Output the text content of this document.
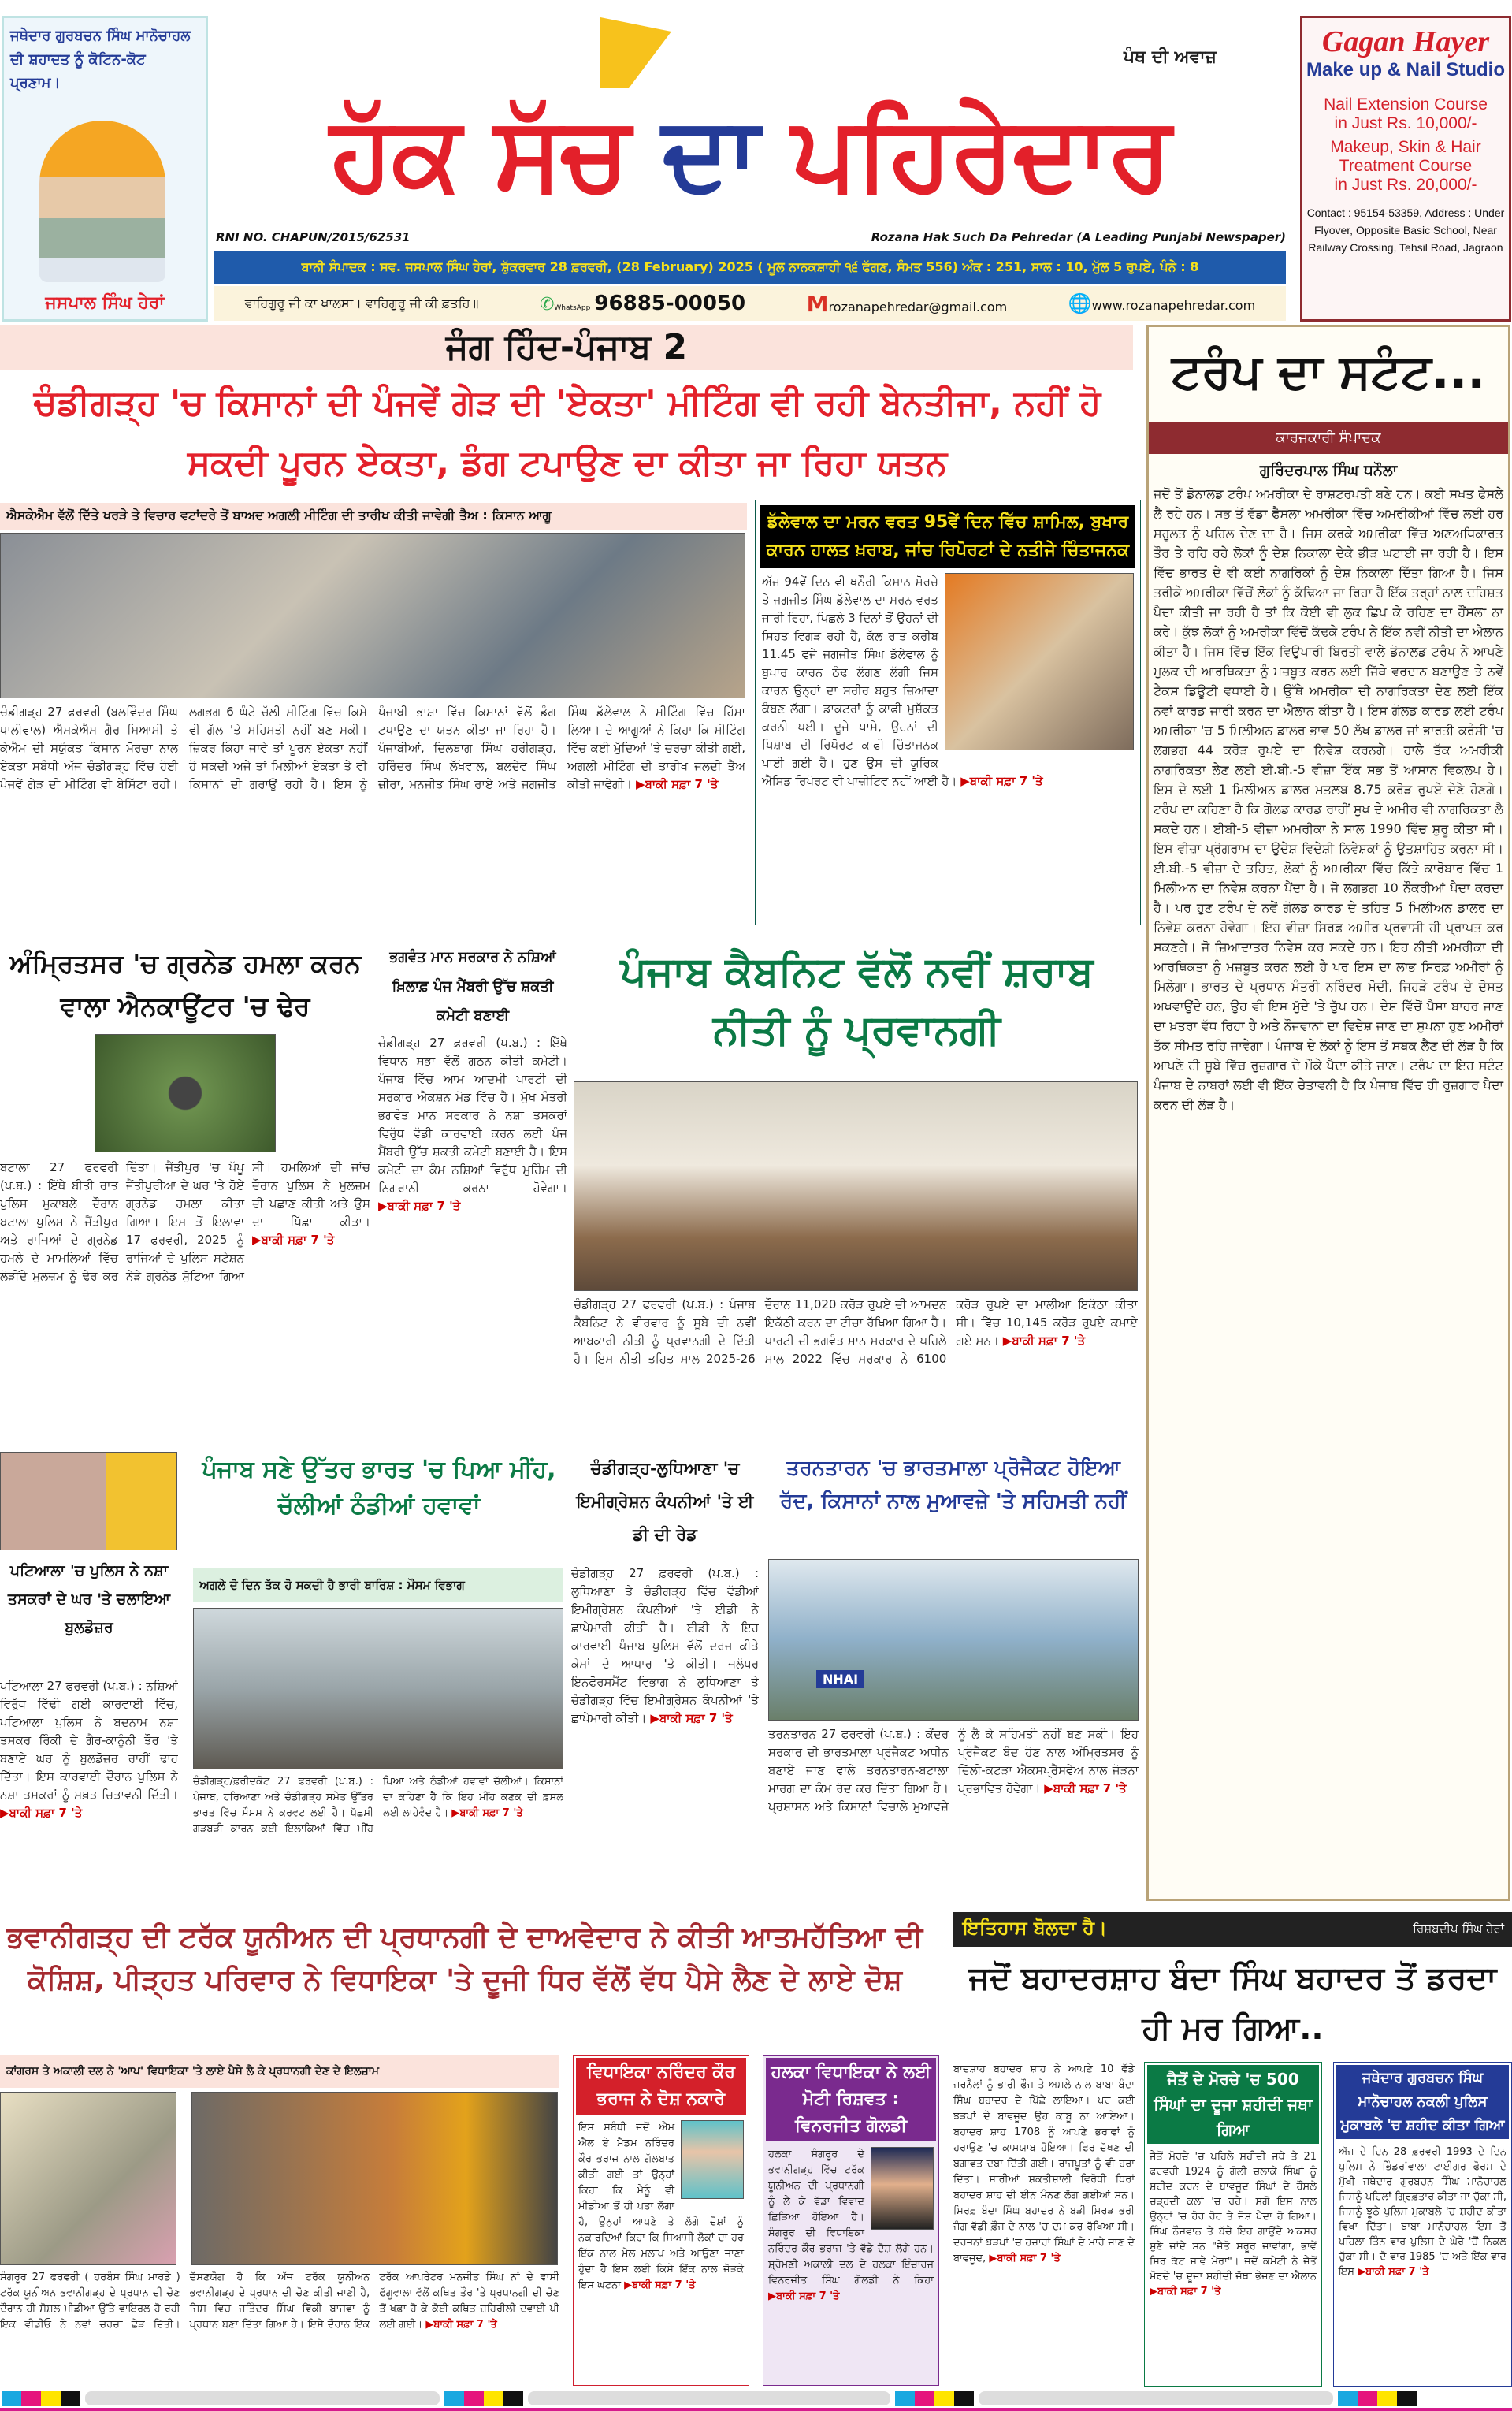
ਜਥੇਦਾਰ ਗੁਰਬਚਨ ਸਿੰਘ ਮਾਨੋਚਾਹਲ ਦੀ ਸ਼ਹਾਦਤ ਨੂੰ ਕੋਟਿਨ-ਕੋਟ ਪ੍ਰਣਾਮ।
ਜਸਪਾਲ ਸਿੰਘ ਹੇਰਾਂ
ਪੰਥ ਦੀ ਅਵਾਜ਼
ਹੱਕ ਸੱਚ ਦਾ ਪਹਿਰੇਦਾਰ
RNI NO. CHAPUN/2015/62531	Rozana Hak Such Da Pehredar (A Leading Punjabi Newspaper)
ਬਾਨੀ ਸੰਪਾਦਕ : ਸਵ. ਜਸਪਾਲ ਸਿੰਘ ਹੇਰਾਂ, ਸ਼ੁੱਕਰਵਾਰ 28 ਫ਼ਰਵਰੀ, (28 February) 2025 ( ਮੂਲ ਨਾਨਕਸ਼ਾਹੀ ੧੬ ਫੱਗਣ, ਸੰਮਤ 556) ਅੰਕ : 251, ਸਾਲ : 10, ਮੁੱਲ 5 ਰੁਪਏ, ਪੰਨੇ : 8
ਵਾਹਿਗੁਰੂ ਜੀ ਕਾ ਖਾਲਸਾ। ਵਾਹਿਗੁਰੂ ਜੀ ਕੀ ਫ਼ਤਹਿ॥	✆WhatsApp 96885-00050	Mrozanapehredar@gmail.com	🌐www.rozanapehredar.com
Gagan Hayer
Make up & Nail Studio
Nail Extension Course
in Just Rs. 10,000/-
Makeup, Skin & Hair Treatment Course
in Just Rs. 20,000/-
Contact : 95154-53359, Address : Under Flyover, Opposite Basic School, Near Railway Crossing, Tehsil Road, Jagraon
ਜੰਗ ਹਿੰਦ-ਪੰਜਾਬ 2
ਚੰਡੀਗੜ੍ਹ 'ਚ ਕਿਸਾਨਾਂ ਦੀ ਪੰਜਵੇਂ ਗੇੜ ਦੀ 'ਏਕਤਾ' ਮੀਟਿੰਗ ਵੀ ਰਹੀ ਬੇਨਤੀਜਾ, ਨਹੀਂ ਹੋ ਸਕਦੀ ਪੂਰਨ ਏਕਤਾ, ਡੰਗ ਟਪਾਉਣ ਦਾ ਕੀਤਾ ਜਾ ਰਿਹਾ ਯਤਨ
ਐਸਕੇਐਮ ਵੱਲੋਂ ਦਿੱਤੇ ਖਰੜੇ ਤੇ ਵਿਚਾਰ ਵਟਾਂਦਰੇ ਤੋਂ ਬਾਅਦ ਅਗਲੀ ਮੀਟਿੰਗ ਦੀ ਤਾਰੀਖ ਕੀਤੀ ਜਾਵੇਗੀ ਤੈਅ : ਕਿਸਾਨ ਆਗੂ
ਚੰਡੀਗੜ੍ਹ 27 ਫਰਵਰੀ (ਬਲਵਿੰਦਰ ਸਿੰਘ ਧਾਲੀਵਾਲ) ਐਸਕੇਐਮ ਗੈਰ ਸਿਆਸੀ ਤੇ ਕੇਐਮ ਦੀ ਸਯੁੰਕਤ ਕਿਸਾਨ ਮੋਰਚਾ ਨਾਲ ਏਕਤਾ ਸਬੰਧੀ ਅੱਜ ਚੰਡੀਗੜ੍ਹ ਵਿੱਚ ਹੋਈ ਪੰਜਵੇਂ ਗੇੜ ਦੀ ਮੀਟਿੰਗ ਵੀ ਬੇਸਿੱਟਾ ਰਹੀ। ਲਗਭਗ 6 ਘੰਟੇ ਚੱਲੀ ਮੀਟਿੰਗ ਵਿੱਚ ਕਿਸੇ ਵੀ ਗੱਲ 'ਤੇ ਸਹਿਮਤੀ ਨਹੀਂ ਬਣ ਸਕੀ। ਜ਼ਿਕਰ ਕਿਹਾ ਜਾਵੇ ਤਾਂ ਪੂਰਨ ਏਕਤਾ ਨਹੀਂ ਹੋ ਸਕਦੀ ਅਜੇ ਤਾਂ ਮਿਲੀਆਂ ਏਕਤਾ ਤੇ ਵੀ ਕਿਸਾਨਾਂ ਦੀ ਗਰਾਉਂ ਰਹੀ ਹੈ। ਇਸ ਨੂੰ ਪੰਜਾਬੀ ਭਾਸ਼ਾ ਵਿੱਚ ਕਿਸਾਨਾਂ ਵੱਲੋਂ ਡੰਗ ਟਪਾਉਣ ਦਾ ਯਤਨ ਕੀਤਾ ਜਾ ਰਿਹਾ ਹੈ। ਪੰਜਾਬੀਆਂ, ਦਿਲਬਾਗ ਸਿੰਘ ਹਰੀਗੜ੍ਹ, ਹਰਿੰਦਰ ਸਿੰਘ ਲੱਖੋਵਾਲ, ਬਲਦੇਵ ਸਿੰਘ ਜ਼ੀਰਾ, ਮਨਜੀਤ ਸਿੰਘ ਰਾਏ ਅਤੇ ਜਗਜੀਤ ਸਿੰਘ ਡੱਲੇਵਾਲ ਨੇ ਮੀਟਿੰਗ ਵਿੱਚ ਹਿੱਸਾ ਲਿਆ। ਦੇ ਆਗੂਆਂ ਨੇ ਕਿਹਾ ਕਿ ਮੀਟਿੰਗ ਵਿੱਚ ਕਈ ਮੁੱਦਿਆਂ 'ਤੇ ਚਰਚਾ ਕੀਤੀ ਗਈ, ਅਗਲੀ ਮੀਟਿੰਗ ਦੀ ਤਾਰੀਖ ਜਲਦੀ ਤੈਅ ਕੀਤੀ ਜਾਵੇਗੀ। ▶ ਬਾਕੀ ਸਫ਼ਾ 7 'ਤੇ
ਡੱਲੇਵਾਲ ਦਾ ਮਰਨ ਵਰਤ 95ਵੇਂ ਦਿਨ ਵਿੱਚ ਸ਼ਾਮਿਲ, ਬੁਖਾਰ ਕਾਰਨ ਹਾਲਤ ਖ਼ਰਾਬ, ਜਾਂਚ ਰਿਪੋਰਟਾਂ ਦੇ ਨਤੀਜੇ ਚਿੰਤਾਜਨਕ
ਅੱਜ 94ਵੇਂ ਦਿਨ ਵੀ ਖਨੌਰੀ ਕਿਸਾਨ ਮੋਰਚੇ ਤੇ ਜਗਜੀਤ ਸਿੰਘ ਡੱਲੇਵਾਲ ਦਾ ਮਰਨ ਵਰਤ ਜਾਰੀ ਰਿਹਾ, ਪਿਛਲੇ 3 ਦਿਨਾਂ ਤੋਂ ਉਹਨਾਂ ਦੀ ਸਿਹਤ ਵਿਗੜ ਰਹੀ ਹੈ, ਕੱਲ ਰਾਤ ਕਰੀਬ 11.45 ਵਜੇ ਜਗਜੀਤ ਸਿੰਘ ਡੱਲੇਵਾਲ ਨੂੰ ਬੁਖਾਰ ਕਾਰਨ ਠੰਢ ਲੱਗਣ ਲੱਗੀ ਜਿਸ ਕਾਰਨ ਉਨ੍ਹਾਂ ਦਾ ਸਰੀਰ ਬਹੁਤ ਜ਼ਿਆਦਾ ਕੰਬਣ ਲੱਗਾ। ਡਾਕਟਰਾਂ ਨੂੰ ਕਾਫੀ ਮੁਸ਼ੱਕਤ ਕਰਨੀ ਪਈ। ਦੂਜੇ ਪਾਸੇ, ਉਹਨਾਂ ਦੀ ਪਿਸ਼ਾਬ ਦੀ ਰਿਪੋਰਟ ਕਾਫੀ ਚਿੰਤਾਜਨਕ ਪਾਈ ਗਈ ਹੈ। ਹੁਣ ਉਸ ਦੀ ਯੂਰਿਕ ਐਸਿਡ ਰਿਪੋਰਟ ਵੀ ਪਾਜ਼ੀਟਿਵ ਨਹੀਂ ਆਈ ਹੈ। ▶ ਬਾਕੀ ਸਫ਼ਾ 7 'ਤੇ
ਟਰੰਪ ਦਾ ਸਟੰਟ...
ਕਾਰਜਕਾਰੀ ਸੰਪਾਦਕ
ਗੁਰਿੰਦਰਪਾਲ ਸਿੰਘ ਧਨੌਲਾ
ਜਦੋਂ ਤੋਂ ਡੋਨਾਲਡ ਟਰੰਪ ਅਮਰੀਕਾ ਦੇ ਰਾਸ਼ਟਰਪਤੀ ਬਣੇ ਹਨ। ਕਈ ਸਖਤ ਫੈਸਲੇ ਲੈ ਰਹੇ ਹਨ। ਸਭ ਤੋਂ ਵੱਡਾ ਫੈਸਲਾ ਅਮਰੀਕਾ ਵਿੱਚ ਅਮਰੀਕੀਆਂ ਵਿੱਚ ਲਈ ਹਰ ਸਹੂਲਤ ਨੂੰ ਪਹਿਲ ਦੇਣ ਦਾ ਹੈ। ਜਿਸ ਕਰਕੇ ਅਮਰੀਕਾ ਵਿੱਚ ਅਣਅਧਿਕਾਰਤ ਤੌਰ ਤੇ ਰਹਿ ਰਹੇ ਲੋਕਾਂ ਨੂੰ ਦੇਸ਼ ਨਿਕਾਲਾ ਦੇਕੇ ਭੀੜ ਘਟਾਈ ਜਾ ਰਹੀ ਹੈ। ਇਸ ਵਿੱਚ ਭਾਰਤ ਦੇ ਵੀ ਕਈ ਨਾਗਰਿਕਾਂ ਨੂੰ ਦੇਸ਼ ਨਿਕਾਲਾ ਦਿੱਤਾ ਗਿਆ ਹੈ। ਜਿਸ ਤਰੀਕੇ ਅਮਰੀਕਾ ਵਿੱਚੋਂ ਲੋਕਾਂ ਨੂੰ ਕੱਢਿਆ ਜਾ ਰਿਹਾ ਹੈ ਇੱਕ ਤਰ੍ਹਾਂ ਨਾਲ ਦਹਿਸ਼ਤ ਪੈਦਾ ਕੀਤੀ ਜਾ ਰਹੀ ਹੈ ਤਾਂ ਕਿ ਕੋਈ ਵੀ ਲੁਕ ਛਿਪ ਕੇ ਰਹਿਣ ਦਾ ਹੌਂਸਲਾ ਨਾ ਕਰੇ। ਕੁੱਝ ਲੋਕਾਂ ਨੂੰ ਅਮਰੀਕਾ ਵਿੱਚੋਂ ਕੱਢਕੇ ਟਰੰਪ ਨੇ ਇੱਕ ਨਵੀਂ ਨੀਤੀ ਦਾ ਐਲਾਨ ਕੀਤਾ ਹੈ। ਜਿਸ ਵਿੱਚ ਇੱਕ ਵਿਉਪਾਰੀ ਬਿਰਤੀ ਵਾਲੇ ਡੋਨਾਲਡ ਟਰੰਪ ਨੇ ਆਪਣੇ ਮੁਲਕ ਦੀ ਆਰਥਿਕਤਾ ਨੂੰ ਮਜ਼ਬੂਤ ਕਰਨ ਲਈ ਜਿੱਥੇ ਵਰਦਾਨ ਬਣਾਉਣ ਤੇ ਨਵੇਂ ਟੈਕਸ ਡਿਊਟੀ ਵਧਾਈ ਹੈ। ਉੱਥੇ ਅਮਰੀਕਾ ਦੀ ਨਾਗਰਿਕਤਾ ਦੇਣ ਲਈ ਇੱਕ ਨਵਾਂ ਕਾਰਡ ਜਾਰੀ ਕਰਨ ਦਾ ਐਲਾਨ ਕੀਤਾ ਹੈ। ਇਸ ਗੋਲਡ ਕਾਰਡ ਲਈ ਟਰੰਪ ਅਮਰੀਕਾ 'ਚ 5 ਮਿਲੀਅਨ ਡਾਲਰ ਭਾਵ 50 ਲੱਖ ਡਾਲਰ ਜਾਂ ਭਾਰਤੀ ਕਰੰਸੀ 'ਚ ਲਗਭਗ 44 ਕਰੋੜ ਰੁਪਏ ਦਾ ਨਿਵੇਸ਼ ਕਰਨਗੇ। ਹਾਲੇ ਤੱਕ ਅਮਰੀਕੀ ਨਾਗਰਿਕਤਾ ਲੈਣ ਲਈ ਈ.ਬੀ.-5 ਵੀਜ਼ਾ ਇੱਕ ਸਭ ਤੋਂ ਆਸਾਨ ਵਿਕਲਪ ਹੈ। ਇਸ ਦੇ ਲਈ 1 ਮਿਲੀਅਨ ਡਾਲਰ ਮਤਲਬ 8.75 ਕਰੋੜ ਰੁਪਏ ਦੇਣੇ ਹੋਣਗੇ। ਟਰੰਪ ਦਾ ਕਹਿਣਾ ਹੈ ਕਿ ਗੋਲਡ ਕਾਰਡ ਰਾਹੀਂ ਸੁਖ ਦੇ ਅਮੀਰ ਵੀ ਨਾਗਰਿਕਤਾ ਲੈ ਸਕਦੇ ਹਨ। ਈਬੀ-5 ਵੀਜ਼ਾ ਅਮਰੀਕਾ ਨੇ ਸਾਲ 1990 ਵਿੱਚ ਸ਼ੁਰੂ ਕੀਤਾ ਸੀ। ਇਸ ਵੀਜ਼ਾ ਪ੍ਰੋਗਰਾਮ ਦਾ ਉਦੇਸ਼ ਵਿਦੇਸ਼ੀ ਨਿਵੇਸ਼ਕਾਂ ਨੂੰ ਉਤਸ਼ਾਹਿਤ ਕਰਨਾ ਸੀ। ਈ.ਬੀ.-5 ਵੀਜ਼ਾ ਦੇ ਤਹਿਤ, ਲੋਕਾਂ ਨੂੰ ਅਮਰੀਕਾ ਵਿੱਚ ਕਿੱਤੇ ਕਾਰੋਬਾਰ ਵਿੱਚ 1 ਮਿਲੀਅਨ ਦਾ ਨਿਵੇਸ਼ ਕਰਨਾ ਪੈਂਦਾ ਹੈ। ਜੋ ਲਗਭਗ 10 ਨੌਕਰੀਆਂ ਪੈਦਾ ਕਰਦਾ ਹੈ। ਪਰ ਹੁਣ ਟਰੰਪ ਦੇ ਨਵੇਂ ਗੋਲਡ ਕਾਰਡ ਦੇ ਤਹਿਤ 5 ਮਿਲੀਅਨ ਡਾਲਰ ਦਾ ਨਿਵੇਸ਼ ਕਰਨਾ ਹੋਵੇਗਾ। ਇਹ ਵੀਜ਼ਾ ਸਿਰਫ਼ ਅਮੀਰ ਪ੍ਰਵਾਸੀ ਹੀ ਪ੍ਰਾਪਤ ਕਰ ਸਕਣਗੇ। ਜੋ ਜ਼ਿਆਦਾਤਰ ਨਿਵੇਸ਼ ਕਰ ਸਕਦੇ ਹਨ। ਇਹ ਨੀਤੀ ਅਮਰੀਕਾ ਦੀ ਆਰਥਿਕਤਾ ਨੂੰ ਮਜ਼ਬੂਤ ਕਰਨ ਲਈ ਹੈ ਪਰ ਇਸ ਦਾ ਲਾਭ ਸਿਰਫ਼ ਅਮੀਰਾਂ ਨੂੰ ਮਿਲੇਗਾ। ਭਾਰਤ ਦੇ ਪ੍ਰਧਾਨ ਮੰਤਰੀ ਨਰਿੰਦਰ ਮੋਦੀ, ਜਿਹੜੇ ਟਰੰਪ ਦੇ ਦੋਸਤ ਅਖਵਾਉਂਦੇ ਹਨ, ਉਹ ਵੀ ਇਸ ਮੁੱਦੇ 'ਤੇ ਚੁੱਪ ਹਨ। ਦੇਸ਼ ਵਿੱਚੋਂ ਪੈਸਾ ਬਾਹਰ ਜਾਣ ਦਾ ਖ਼ਤਰਾ ਵੱਧ ਰਿਹਾ ਹੈ ਅਤੇ ਨੌਜਵਾਨਾਂ ਦਾ ਵਿਦੇਸ਼ ਜਾਣ ਦਾ ਸੁਪਨਾ ਹੁਣ ਅਮੀਰਾਂ ਤੱਕ ਸੀਮਤ ਰਹਿ ਜਾਵੇਗਾ। ਪੰਜਾਬ ਦੇ ਲੋਕਾਂ ਨੂੰ ਇਸ ਤੋਂ ਸਬਕ ਲੈਣ ਦੀ ਲੋੜ ਹੈ ਕਿ ਆਪਣੇ ਹੀ ਸੂਬੇ ਵਿੱਚ ਰੁਜ਼ਗਾਰ ਦੇ ਮੌਕੇ ਪੈਦਾ ਕੀਤੇ ਜਾਣ। ਟਰੰਪ ਦਾ ਇਹ ਸਟੰਟ ਪੰਜਾਬ ਦੇ ਨਾਬਰਾਂ ਲਈ ਵੀ ਇੱਕ ਚੇਤਾਵਨੀ ਹੈ ਕਿ ਪੰਜਾਬ ਵਿੱਚ ਹੀ ਰੁਜ਼ਗਾਰ ਪੈਦਾ ਕਰਨ ਦੀ ਲੋੜ ਹੈ।
ਅੰਮ੍ਰਿਤਸਰ 'ਚ ਗ੍ਰਨੇਡ ਹਮਲਾ ਕਰਨ ਵਾਲਾ ਐਨਕਾਊਂਟਰ 'ਚ ਢੇਰ
ਬਟਾਲਾ 27 ਫਰਵਰੀ (ਪ.ਬ.) : ਇੱਥੇ ਬੀਤੀ ਰਾਤ ਪੁਲਿਸ ਮੁਕਾਬਲੇ ਦੌਰਾਨ ਬਟਾਲਾ ਪੁਲਿਸ ਨੇ ਜੈਂਤੀਪੁਰ ਅਤੇ ਰਾਜਿਆਂ ਦੇ ਗ੍ਰਨੇਡ ਹਮਲੇ ਦੇ ਮਾਮਲਿਆਂ ਵਿੱਚ ਲੋੜੀਂਦੇ ਮੁਲਜ਼ਮ ਨੂੰ ਢੇਰ ਕਰ ਦਿੱਤਾ। ਜੈਂਤੀਪੁਰ 'ਚ ਪੱਪੂ ਜੈਂਤੀਪੁਰੀਆ ਦੇ ਘਰ 'ਤੇ ਹੋਏ ਗ੍ਰਨੇਡ ਹਮਲਾ ਕੀਤਾ ਗਿਆ। ਇਸ ਤੋਂ ਇਲਾਵਾ 17 ਫਰਵਰੀ, 2025 ਨੂੰ ਰਾਜਿਆਂ ਦੇ ਪੁਲਿਸ ਸਟੇਸ਼ਨ ਨੇੜੇ ਗ੍ਰਨੇਡ ਸੁੱਟਿਆ ਗਿਆ ਸੀ। ਹਮਲਿਆਂ ਦੀ ਜਾਂਚ ਦੌਰਾਨ ਪੁਲਿਸ ਨੇ ਮੁਲਜ਼ਮ ਦੀ ਪਛਾਣ ਕੀਤੀ ਅਤੇ ਉਸ ਦਾ ਪਿੱਛਾ ਕੀਤਾ। ▶ ਬਾਕੀ ਸਫ਼ਾ 7 'ਤੇ
ਭਗਵੰਤ ਮਾਨ ਸਰਕਾਰ ਨੇ ਨਸ਼ਿਆਂ ਖ਼ਿਲਾਫ਼ ਪੰਜ ਮੈਂਬਰੀ ਉੱਚ ਸ਼ਕਤੀ ਕਮੇਟੀ ਬਣਾਈ
ਚੰਡੀਗੜ੍ਹ 27 ਫ਼ਰਵਰੀ (ਪ.ਬ.) : ਇੱਥੇ ਵਿਧਾਨ ਸਭਾ ਵੱਲੋਂ ਗਠਨ ਕੀਤੀ ਕਮੇਟੀ। ਪੰਜਾਬ ਵਿੱਚ ਆਮ ਆਦਮੀ ਪਾਰਟੀ ਦੀ ਸਰਕਾਰ ਐਕਸ਼ਨ ਮੋਡ ਵਿੱਚ ਹੈ। ਮੁੱਖ ਮੰਤਰੀ ਭਗਵੰਤ ਮਾਨ ਸਰਕਾਰ ਨੇ ਨਸ਼ਾ ਤਸਕਰਾਂ ਵਿਰੁੱਧ ਵੱਡੀ ਕਾਰਵਾਈ ਕਰਨ ਲਈ ਪੰਜ ਮੈਂਬਰੀ ਉੱਚ ਸ਼ਕਤੀ ਕਮੇਟੀ ਬਣਾਈ ਹੈ। ਇਸ ਕਮੇਟੀ ਦਾ ਕੰਮ ਨਸ਼ਿਆਂ ਵਿਰੁੱਧ ਮੁਹਿੰਮ ਦੀ ਨਿਗਰਾਨੀ ਕਰਨਾ ਹੋਵੇਗਾ। ▶ ਬਾਕੀ ਸਫ਼ਾ 7 'ਤੇ
ਪੰਜਾਬ ਕੈਬਨਿਟ ਵੱਲੋਂ ਨਵੀਂ ਸ਼ਰਾਬ ਨੀਤੀ ਨੂੰ ਪ੍ਰਵਾਨਗੀ
ਚੰਡੀਗੜ੍ਹ 27 ਫਰਵਰੀ (ਪ.ਬ.) : ਪੰਜਾਬ ਕੈਬਨਿਟ ਨੇ ਵੀਰਵਾਰ ਨੂੰ ਸੂਬੇ ਦੀ ਨਵੀਂ ਆਬਕਾਰੀ ਨੀਤੀ ਨੂੰ ਪ੍ਰਵਾਨਗੀ ਦੇ ਦਿੱਤੀ ਹੈ। ਇਸ ਨੀਤੀ ਤਹਿਤ ਸਾਲ 2025-26 ਦੌਰਾਨ 11,020 ਕਰੋੜ ਰੁਪਏ ਦੀ ਆਮਦਨ ਇਕੱਠੀ ਕਰਨ ਦਾ ਟੀਚਾ ਰੱਖਿਆ ਗਿਆ ਹੈ। ਪਾਰਟੀ ਦੀ ਭਗਵੰਤ ਮਾਨ ਸਰਕਾਰ ਦੇ ਪਹਿਲੇ ਸਾਲ 2022 ਵਿੱਚ ਸਰਕਾਰ ਨੇ 6100 ਕਰੋੜ ਰੁਪਏ ਦਾ ਮਾਲੀਆ ਇਕੱਠਾ ਕੀਤਾ ਸੀ। ਵਿੱਚ 10,145 ਕਰੋੜ ਰੁਪਏ ਕਮਾਏ ਗਏ ਸਨ। ▶ ਬਾਕੀ ਸਫ਼ਾ 7 'ਤੇ
ਪਟਿਆਲਾ 'ਚ ਪੁਲਿਸ ਨੇ ਨਸ਼ਾ ਤਸਕਰਾਂ ਦੇ ਘਰ 'ਤੇ ਚਲਾਇਆ ਬੁਲਡੋਜ਼ਰ
ਪਟਿਆਲਾ 27 ਫਰਵਰੀ (ਪ.ਬ.) : ਨਸ਼ਿਆਂ ਵਿਰੁੱਧ ਵਿੱਢੀ ਗਈ ਕਾਰਵਾਈ ਵਿੱਚ, ਪਟਿਆਲਾ ਪੁਲਿਸ ਨੇ ਬਦਨਾਮ ਨਸ਼ਾ ਤਸਕਰ ਰਿੰਕੀ ਦੇ ਗੈਰ-ਕਾਨੂੰਨੀ ਤੌਰ 'ਤੇ ਬਣਾਏ ਘਰ ਨੂੰ ਬੁਲਡੋਜ਼ਰ ਰਾਹੀਂ ਢਾਹ ਦਿੱਤਾ। ਇਸ ਕਾਰਵਾਈ ਦੌਰਾਨ ਪੁਲਿਸ ਨੇ ਨਸ਼ਾ ਤਸਕਰਾਂ ਨੂੰ ਸਖ਼ਤ ਚਿਤਾਵਨੀ ਦਿੱਤੀ। ▶ ਬਾਕੀ ਸਫ਼ਾ 7 'ਤੇ
ਪੰਜਾਬ ਸਣੇ ਉੱਤਰ ਭਾਰਤ 'ਚ ਪਿਆ ਮੀਂਹ, ਚੱਲੀਆਂ ਠੰਡੀਆਂ ਹਵਾਵਾਂ
ਅਗਲੇ ਦੋ ਦਿਨ ਤੱਕ ਹੋ ਸਕਦੀ ਹੈ ਭਾਰੀ ਬਾਰਿਸ਼ : ਮੌਸਮ ਵਿਭਾਗ
ਚੰਡੀਗੜ੍ਹ/ਫ਼ਰੀਦਕੋਟ 27 ਫਰਵਰੀ (ਪ.ਬ.) : ਪੰਜਾਬ, ਹਰਿਆਣਾ ਅਤੇ ਚੰਡੀਗੜ੍ਹ ਸਮੇਤ ਉੱਤਰ ਭਾਰਤ ਵਿੱਚ ਮੌਸਮ ਨੇ ਕਰਵਟ ਲਈ ਹੈ। ਪੱਛਮੀ ਗੜਬੜੀ ਕਾਰਨ ਕਈ ਇਲਾਕਿਆਂ ਵਿੱਚ ਮੀਂਹ ਪਿਆ ਅਤੇ ਠੰਡੀਆਂ ਹਵਾਵਾਂ ਚੱਲੀਆਂ। ਕਿਸਾਨਾਂ ਦਾ ਕਹਿਣਾ ਹੈ ਕਿ ਇਹ ਮੀਂਹ ਕਣਕ ਦੀ ਫ਼ਸਲ ਲਈ ਲਾਹੇਵੰਦ ਹੈ। ▶ ਬਾਕੀ ਸਫ਼ਾ 7 'ਤੇ
ਚੰਡੀਗੜ੍ਹ-ਲੁਧਿਆਣਾ 'ਚ ਇਮੀਗ੍ਰੇਸ਼ਨ ਕੰਪਨੀਆਂ 'ਤੇ ਈ ਡੀ ਦੀ ਰੇਡ
ਚੰਡੀਗੜ੍ਹ 27 ਫ਼ਰਵਰੀ (ਪ.ਬ.) : ਲੁਧਿਆਣਾ ਤੇ ਚੰਡੀਗੜ੍ਹ ਵਿੱਚ ਵੱਡੀਆਂ ਇਮੀਗ੍ਰੇਸ਼ਨ ਕੰਪਨੀਆਂ 'ਤੇ ਈਡੀ ਨੇ ਛਾਪੇਮਾਰੀ ਕੀਤੀ ਹੈ। ਈਡੀ ਨੇ ਇਹ ਕਾਰਵਾਈ ਪੰਜਾਬ ਪੁਲਿਸ ਵੱਲੋਂ ਦਰਜ ਕੀਤੇ ਕੇਸਾਂ ਦੇ ਆਧਾਰ 'ਤੇ ਕੀਤੀ। ਜਲੰਧਰ ਇਨਫੋਰਸਮੈਂਟ ਵਿਭਾਗ ਨੇ ਲੁਧਿਆਣਾ ਤੇ ਚੰਡੀਗੜ੍ਹ ਵਿੱਚ ਇਮੀਗ੍ਰੇਸ਼ਨ ਕੰਪਨੀਆਂ 'ਤੇ ਛਾਪੇਮਾਰੀ ਕੀਤੀ। ▶ ਬਾਕੀ ਸਫ਼ਾ 7 'ਤੇ
ਤਰਨਤਾਰਨ 'ਚ ਭਾਰਤਮਾਲਾ ਪ੍ਰੋਜੈਕਟ ਹੋਇਆ ਰੱਦ, ਕਿਸਾਨਾਂ ਨਾਲ ਮੁਆਵਜ਼ੇ 'ਤੇ ਸਹਿਮਤੀ ਨਹੀਂ
NHAI
ਤਰਨਤਾਰਨ 27 ਫਰਵਰੀ (ਪ.ਬ.) : ਕੇਂਦਰ ਸਰਕਾਰ ਦੀ ਭਾਰਤਮਾਲਾ ਪ੍ਰੋਜੈਕਟ ਅਧੀਨ ਬਣਾਏ ਜਾਣ ਵਾਲੇ ਤਰਨਤਾਰਨ-ਬਟਾਲਾ ਮਾਰਗ ਦਾ ਕੰਮ ਰੱਦ ਕਰ ਦਿੱਤਾ ਗਿਆ ਹੈ। ਪ੍ਰਸ਼ਾਸਨ ਅਤੇ ਕਿਸਾਨਾਂ ਵਿਚਾਲੇ ਮੁਆਵਜ਼ੇ ਨੂੰ ਲੈ ਕੇ ਸਹਿਮਤੀ ਨਹੀਂ ਬਣ ਸਕੀ। ਇਹ ਪ੍ਰੋਜੈਕਟ ਬੰਦ ਹੋਣ ਨਾਲ ਅੰਮ੍ਰਿਤਸਰ ਨੂੰ ਦਿੱਲੀ-ਕਟੜਾ ਐਕਸਪ੍ਰੈਸਵੇਅ ਨਾਲ ਜੋੜਨਾ ਪ੍ਰਭਾਵਿਤ ਹੋਵੇਗਾ। ▶ ਬਾਕੀ ਸਫ਼ਾ 7 'ਤੇ
ਭਵਾਨੀਗੜ੍ਹ ਦੀ ਟਰੱਕ ਯੂਨੀਅਨ ਦੀ ਪ੍ਰਧਾਨਗੀ ਦੇ ਦਾਅਵੇਦਾਰ ਨੇ ਕੀਤੀ ਆਤਮਹੱਤਿਆ ਦੀ ਕੋਸ਼ਿਸ਼, ਪੀੜ੍ਹਤ ਪਰਿਵਾਰ ਨੇ ਵਿਧਾਇਕਾ 'ਤੇ ਦੂਜੀ ਧਿਰ ਵੱਲੋਂ ਵੱਧ ਪੈਸੇ ਲੈਣ ਦੇ ਲਾਏ ਦੋਸ਼
ਕਾਂਗਰਸ ਤੇ ਅਕਾਲੀ ਦਲ ਨੇ 'ਆਪ' ਵਿਧਾਇਕਾ 'ਤੇ ਲਾਏ ਪੈਸੇ ਲੈ ਕੇ ਪ੍ਰਧਾਨਗੀ ਦੇਣ ਦੇ ਇਲਜ਼ਾਮ
ਸੰਗਰੂਰ 27 ਫਰਵਰੀ ( ਹਰਬੰਸ ਸਿੰਘ ਮਾਰਡੇ ) ਟਰੱਕ ਯੂਨੀਅਨ ਭਵਾਨੀਗੜ੍ਹ ਦੇ ਪ੍ਰਧਾਨ ਦੀ ਚੋਣ ਦੌਰਾਨ ਹੀ ਸੋਸ਼ਲ ਮੀਡੀਆ ਉੱਤੇ ਵਾਇਰਲ ਹੋ ਰਹੀ ਇਕ ਵੀਡੀਓ ਨੇ ਨਵਾਂ ਚਰਚਾ ਛੇੜ ਦਿੱਤੀ। ਦੱਸਣਯੋਗ ਹੈ ਕਿ ਅੱਜ ਟਰੱਕ ਯੂਨੀਅਨ ਭਵਾਨੀਗੜ੍ਹ ਦੇ ਪ੍ਰਧਾਨ ਦੀ ਚੋਣ ਕੀਤੀ ਜਾਣੀ ਹੈ, ਜਿਸ ਵਿਚ ਜਤਿੰਦਰ ਸਿੰਘ ਵਿੱਕੀ ਬਾਜਵਾ ਨੂੰ ਪ੍ਰਧਾਨ ਬਣਾ ਦਿੱਤਾ ਗਿਆ ਹੈ। ਇਸੇ ਦੌਰਾਨ ਇੱਕ ਟਰੱਕ ਆਪਰੇਟਰ ਮਨਜੀਤ ਸਿੰਘ ਨਾਂ ਦੇ ਵਾਸੀ ਫੱਗੂਵਾਲਾ ਵੱਲੋਂ ਕਥਿਤ ਤੌਰ 'ਤੇ ਪ੍ਰਧਾਨਗੀ ਦੀ ਚੋਣ ਤੋਂ ਖਫ਼ਾ ਹੋ ਕੇ ਕੋਈ ਕਥਿਤ ਜ਼ਹਿਰੀਲੀ ਦਵਾਈ ਪੀ ਲਈ ਗਈ। ▶ ਬਾਕੀ ਸਫ਼ਾ 7 'ਤੇ
ਵਿਧਾਇਕਾ ਨਰਿੰਦਰ ਕੌਰ ਭਰਾਜ ਨੇ ਦੋਸ਼ ਨਕਾਰੇ
ਇਸ ਸਬੰਧੀ ਜਦੋਂ ਐਮ ਐਲ ਏ ਮੈਡਮ ਨਰਿੰਦਰ ਕੌਰ ਭਰਾਜ ਨਾਲ ਗੱਲਬਾਤ ਕੀਤੀ ਗਈ ਤਾਂ ਉਨ੍ਹਾਂ ਕਿਹਾ ਕਿ ਮੈਨੂੰ ਵੀ ਮੀਡੀਆ ਤੋਂ ਹੀ ਪਤਾ ਲੱਗਾ ਹੈ, ਉਨ੍ਹਾਂ ਆਪਣੇ ਤੇ ਲੱਗੇ ਦੋਸ਼ਾਂ ਨੂੰ ਨਕਾਰਦਿਆਂ ਕਿਹਾ ਕਿ ਸਿਆਸੀ ਲੋਕਾਂ ਦਾ ਹਰ ਇੱਕ ਨਾਲ ਮੇਲ ਮਲਾਪ ਅਤੇ ਆਉਣਾ ਜਾਣਾ ਹੁੰਦਾ ਹੈ ਇਸ ਲਈ ਕਿਸੇ ਇੱਕ ਨਾਲ ਜੋੜਕੇ ਇਸ ਘਟਨਾ ▶ ਬਾਕੀ ਸਫ਼ਾ 7 'ਤੇ
ਹਲਕਾ ਵਿਧਾਇਕਾ ਨੇ ਲਈ ਮੋਟੀ ਰਿਸ਼ਵਤ : ਵਿਨਰਜੀਤ ਗੋਲਡੀ
ਹਲਕਾ ਸੰਗਰੂਰ ਦੇ ਭਵਾਨੀਗੜ੍ਹ ਵਿੱਚ ਟਰੱਕ ਯੂਨੀਅਨ ਦੀ ਪ੍ਰਧਾਨਗੀ ਨੂੰ ਲੈ ਕੇ ਵੱਡਾ ਵਿਵਾਦ ਛਿੜਿਆ ਹੋਇਆ ਹੈ। ਸੰਗਰੂਰ ਦੀ ਵਿਧਾਇਕਾ ਨਰਿੰਦਰ ਕੌਰ ਭਰਾਜ 'ਤੇ ਵੱਡੇ ਦੋਸ਼ ਲੱਗੇ ਹਨ। ਸ਼੍ਰੋਮਣੀ ਅਕਾਲੀ ਦਲ ਦੇ ਹਲਕਾ ਇੰਚਾਰਜ ਵਿਨਰਜੀਤ ਸਿੰਘ ਗੋਲਡੀ ਨੇ ਕਿਹਾ ▶ ਬਾਕੀ ਸਫ਼ਾ 7 'ਤੇ
ਇਤਿਹਾਸ ਬੋਲਦਾ ਹੈ।	ਰਿਸ਼ਬਦੀਪ ਸਿੰਘ ਹੇਰਾਂ
ਜਦੋਂ ਬਹਾਦਰਸ਼ਾਹ ਬੰਦਾ ਸਿੰਘ ਬਹਾਦਰ ਤੋਂ ਡਰਦਾ ਹੀ ਮਰ ਗਿਆ..
ਬਾਦਸ਼ਾਹ ਬਹਾਦਰ ਸ਼ਾਹ ਨੇ ਆਪਣੇ 10 ਵੱਡੇ ਜਰਨੈਲਾਂ ਨੂੰ ਭਾਰੀ ਫੌਜ ਤੇ ਅਸਲੇ ਨਾਲ ਬਾਬਾ ਬੰਦਾ ਸਿੰਘ ਬਹਾਦਰ ਦੇ ਪਿੱਛੇ ਲਾਇਆ। ਪਰ ਕਈ ਝੜਪਾਂ ਦੇ ਬਾਵਜੂਦ ਉਹ ਕਾਬੂ ਨਾ ਆਇਆ। ਬਹਾਦਰ ਸ਼ਾਹ 1708 ਨੂੰ ਆਪਣੇ ਭਰਾਵਾਂ ਨੂੰ ਹਰਾਉਣ 'ਚ ਕਾਮਯਾਬ ਹੋਇਆ। ਫਿਰ ਦੱਖਣ ਦੀ ਬਗਾਵਤ ਦਬਾ ਦਿੱਤੀ ਗਈ। ਰਾਜਪੂਤਾਂ ਨੂੰ ਵੀ ਹਰਾ ਦਿੱਤਾ। ਸਾਰੀਆਂ ਸ਼ਕਤੀਸ਼ਾਲੀ ਵਿਰੋਧੀ ਧਿਰਾਂ ਬਹਾਦਰ ਸ਼ਾਹ ਦੀ ਈਨ ਮੰਨਣ ਲੱਗ ਗਈਆਂ ਸਨ। ਸਿਰਫ਼ ਬੰਦਾ ਸਿੰਘ ਬਹਾਦਰ ਨੇ ਬੜੀ ਸਿਰੜ ਭਰੀ ਜੰਗ ਵੱਡੀ ਫ਼ੌਜ ਦੇ ਨਾਲ 'ਚ ਦਮ ਕਰ ਰੱਖਿਆ ਸੀ। ਦਰਜਨਾਂ ਝੜਪਾਂ 'ਚ ਹਜ਼ਾਰਾਂ ਸਿੰਘਾਂ ਦੇ ਮਾਰੇ ਜਾਣ ਦੇ ਬਾਵਜੂਦ, ▶ ਬਾਕੀ ਸਫ਼ਾ 7 'ਤੇ
ਜੈਤੋਂ ਦੇ ਮੋਰਚੇ 'ਚ 500 ਸਿੰਘਾਂ ਦਾ ਦੂਜਾ ਸ਼ਹੀਦੀ ਜਥਾ ਗਿਆ
ਜੈਤੋਂ ਮੋਰਚੇ 'ਚ ਪਹਿਲੇ ਸ਼ਹੀਦੀ ਜਥੇ ਤੇ 21 ਫਰਵਰੀ 1924 ਨੂੰ ਗੋਲੀ ਚਲਾਕੇ ਸਿੰਘਾਂ ਨੂੰ ਸ਼ਹੀਦ ਕਰਨ ਦੇ ਬਾਵਜੂਦ ਸਿੰਘਾਂ ਦੇ ਹੌਂਸਲੇ ਚੜ੍ਹਦੀ ਕਲਾਂ 'ਚ ਰਹੇ। ਸਗੋਂ ਇਸ ਨਾਲ ਉਨ੍ਹਾਂ 'ਚ ਹੋਰ ਰੋਹ ਤੇ ਜੋਸ਼ ਪੈਦਾ ਹੋ ਗਿਆ। ਸਿੰਘ ਨੌਜਵਾਨ ਤੇ ਬੱਚੇ ਇਹ ਗਾਉਂਦੇ ਅਕਸਰ ਸੁਣੇ ਜਾਂਦੇ ਸਨ "ਜੈਤੋ ਸਰੂਰ ਜਾਵਾਂਗਾ, ਭਾਵੇਂ ਸਿਰ ਕੱਟ ਜਾਵੇ ਮੇਰਾ"। ਜਦੋਂ ਕਮੇਟੀ ਨੇ ਜੈਤੋਂ ਮੋਰਚੇ 'ਚ ਦੂਜਾ ਸ਼ਹੀਦੀ ਜੱਥਾ ਭੇਜਣ ਦਾ ਐਲਾਨ ▶ ਬਾਕੀ ਸਫ਼ਾ 7 'ਤੇ
ਜਥੇਦਾਰ ਗੁਰਬਚਨ ਸਿੰਘ ਮਾਨੋਚਾਹਲ ਨਕਲੀ ਪੁਲਿਸ ਮੁਕਾਬਲੇ 'ਚ ਸ਼ਹੀਦ ਕੀਤਾ ਗਿਆ
ਅੱਜ ਦੇ ਦਿਨ 28 ਫ਼ਰਵਰੀ 1993 ਦੇ ਦਿਨ ਪੁਲਿਸ ਨੇ ਭਿੰਡਰਾਂਵਾਲਾ ਟਾਈਗਰ ਫੋਰਸ ਦੇ ਮੁੱਖੀ ਜਥੇਦਾਰ ਗੁਰਬਚਨ ਸਿੰਘ ਮਾਨੋਚਾਹਲ ਜਿਸਨੂੰ ਪਹਿਲਾਂ ਗ੍ਰਿਫ਼ਤਾਰ ਕੀਤਾ ਜਾ ਚੁੱਕਾ ਸੀ, ਜਿਸਨੂੰ ਝੂਠੇ ਪੁਲਿਸ ਮੁਕਾਬਲੇ 'ਚ ਸ਼ਹੀਦ ਕੀਤਾ ਵਿਖਾ ਦਿੱਤਾ। ਬਾਬਾ ਮਾਨੋਚਾਹਲ ਇਸ ਤੋਂ ਪਹਿਲਾ ਤਿੰਨ ਵਾਰ ਪੁਲਿਸ ਦੇ ਘੇਰੇ 'ਚੋਂ ਨਿਕਲ ਚੁੱਕਾ ਸੀ। ਦੋ ਵਾਰ 1985 'ਚ ਅਤੇ ਇੱਕ ਵਾਰ ਇਸ ▶ ਬਾਕੀ ਸਫ਼ਾ 7 'ਤੇ
